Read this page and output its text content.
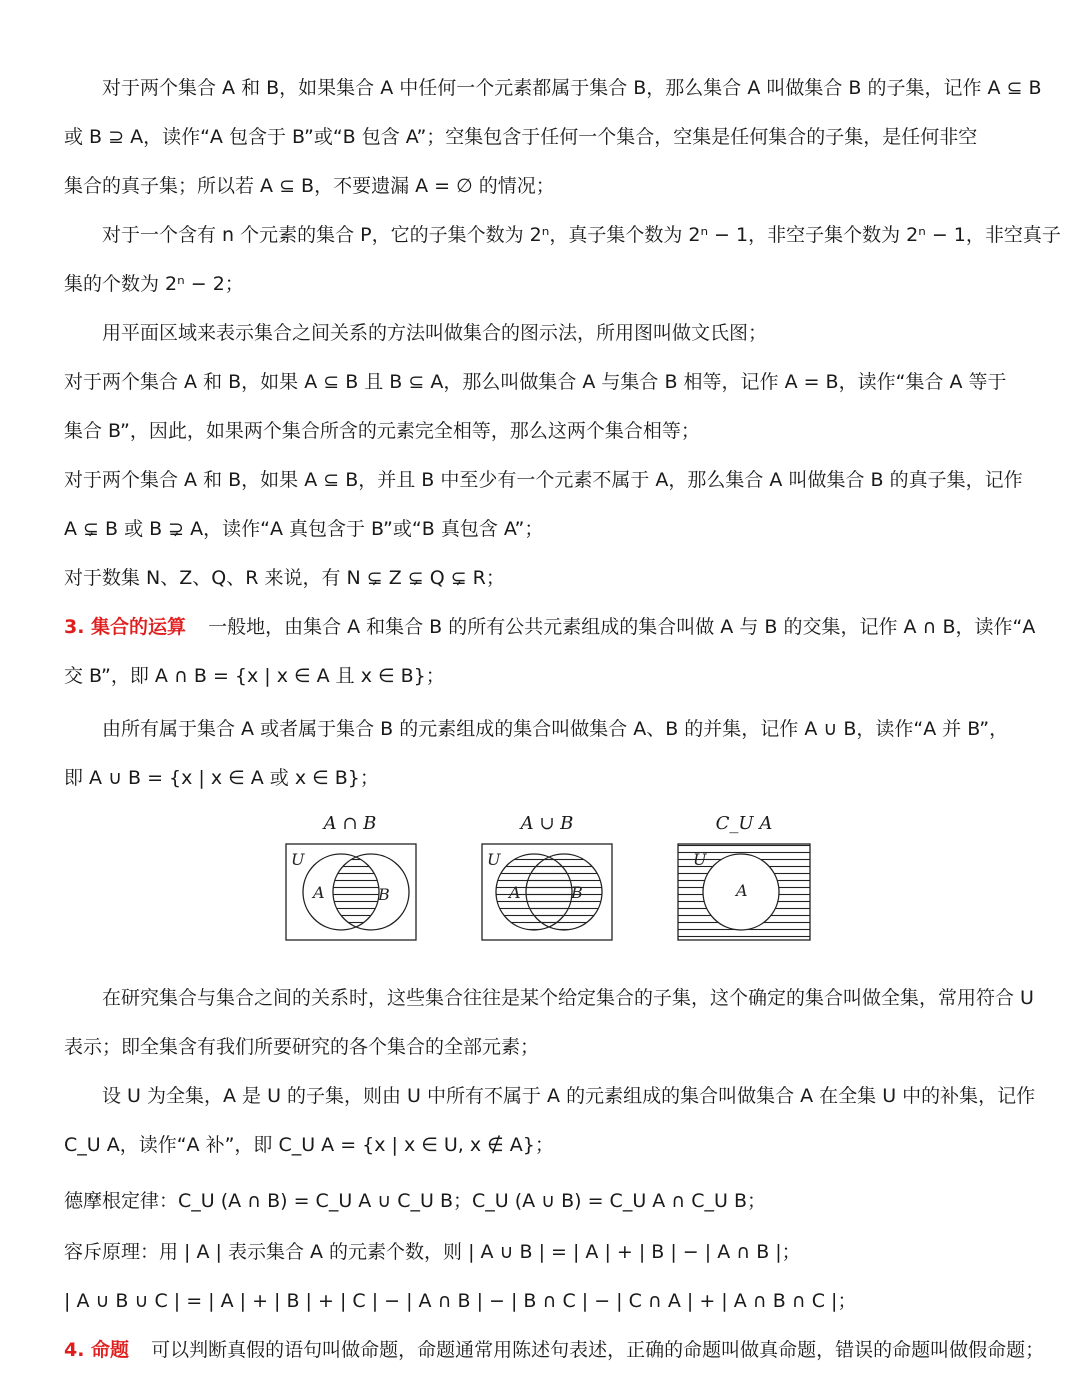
对于两个集合 A 和 B，如果集合 A 中任何一个元素都属于集合 B，那么集合 A 叫做集合 B 的子集，记作 A ⊆ B
或 B ⊇ A，读作“A 包含于 B”或“B 包含 A”；空集包含于任何一个集合，空集是任何集合的子集，是任何非空
集合的真子集；所以若 A ⊆ B，不要遗漏 A = ∅ 的情况；
对于一个含有 n 个元素的集合 P，它的子集个数为 2ⁿ，真子集个数为 2ⁿ − 1，非空子集个数为 2ⁿ − 1，非空真子
集的个数为 2ⁿ − 2；
用平面区域来表示集合之间关系的方法叫做集合的图示法，所用图叫做文氏图；
对于两个集合 A 和 B，如果 A ⊆ B 且 B ⊆ A，那么叫做集合 A 与集合 B 相等，记作 A = B，读作“集合 A 等于
集合 B”，因此，如果两个集合所含的元素完全相等，那么这两个集合相等；
对于两个集合 A 和 B，如果 A ⊆ B，并且 B 中至少有一个元素不属于 A，那么集合 A 叫做集合 B 的真子集，记作
A ⊊ B 或 B ⊋ A，读作“A 真包含于 B”或“B 真包含 A”；
对于数集 N、Z、Q、R 来说，有 N ⊊ Z ⊊ Q ⊊ R；
3. 集合的运算 一般地，由集合 A 和集合 B 的所有公共元素组成的集合叫做 A 与 B 的交集，记作 A ∩ B，读作“A
交 B”，即 A ∩ B = {x | x ∈ A 且 x ∈ B}；
由所有属于集合 A 或者属于集合 B 的元素组成的集合叫做集合 A、B 的并集，记作 A ∪ B，读作“A 并 B”，
即 A ∪ B = {x | x ∈ A 或 x ∈ B}；
A ∩ B	A ∪ B	C_U A
U
A	B
U
A	B
U
A
在研究集合与集合之间的关系时，这些集合往往是某个给定集合的子集，这个确定的集合叫做全集，常用符合 U
表示；即全集含有我们所要研究的各个集合的全部元素；
设 U 为全集，A 是 U 的子集，则由 U 中所有不属于 A 的元素组成的集合叫做集合 A 在全集 U 中的补集，记作
C_U A，读作“A 补”，即 C_U A = {x | x ∈ U, x ∉ A}；
德摩根定律：C_U (A ∩ B) = C_U A ∪ C_U B；C_U (A ∪ B) = C_U A ∩ C_U B；
容斥原理：用 | A | 表示集合 A 的元素个数，则 | A ∪ B | = | A | + | B | − | A ∩ B |；
| A ∪ B ∪ C | = | A | + | B | + | C | − | A ∩ B | − | B ∩ C | − | C ∩ A | + | A ∩ B ∩ C |；
4. 命题 可以判断真假的语句叫做命题，命题通常用陈述句表述，正确的命题叫做真命题，错误的命题叫做假命题；
